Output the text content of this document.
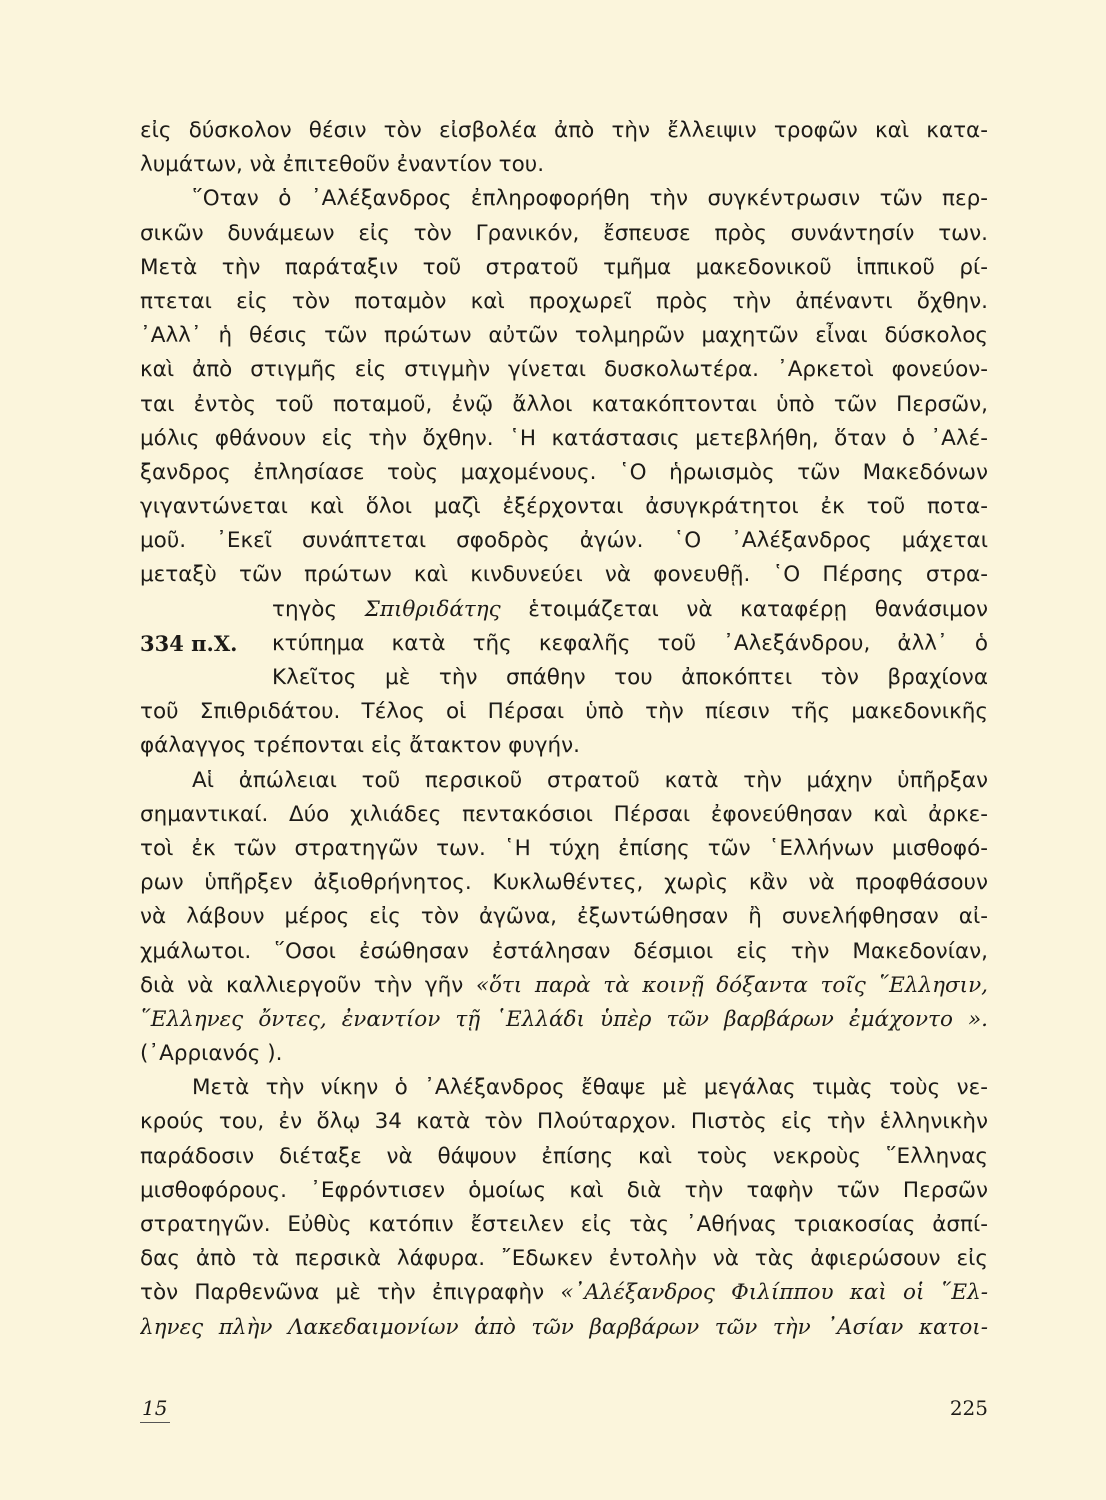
εἰς δύσκολον θέσιν τὸν εἰσβολέα ἀπὸ τὴν ἔλλειψιν τροφῶν καὶ κατα-
λυμάτων, νὰ ἐπιτεθοῦν ἐναντίον του.
῞Οταν ὁ ᾿Αλέξανδρος ἐπληροφορήθη τὴν συγκέντρωσιν τῶν περ-
σικῶν δυνάμεων εἰς τὸν Γρανικόν, ἔσπευσε πρὸς συνάντησίν των.
Μετὰ τὴν παράταξιν τοῦ στρατοῦ τμῆμα μακεδονικοῦ ἱππικοῦ ρί-
πτεται εἰς τὸν ποταμὸν καὶ προχωρεῖ πρὸς τὴν ἀπέναντι ὄχθην.
᾿Αλλ᾿ ἡ θέσις τῶν πρώτων αὐτῶν τολμηρῶν μαχητῶν εἶναι δύσκολος
καὶ ἀπὸ στιγμῆς εἰς στιγμὴν γίνεται δυσκολωτέρα. ᾿Αρκετοὶ φονεύον-
ται ἐντὸς τοῦ ποταμοῦ, ἐνῷ ἄλλοι κατακόπτονται ὑπὸ τῶν Περσῶν,
μόλις φθάνουν εἰς τὴν ὄχθην. ῾Η κατάστασις μετεβλήθη, ὅταν ὁ ᾿Αλέ-
ξανδρος ἐπλησίασε τοὺς μαχομένους. ῾Ο ἡρωισμὸς τῶν Μακεδόνων
γιγαντώνεται καὶ ὅλοι μαζὶ ἐξέρχονται ἀσυγκράτητοι ἐκ τοῦ ποτα-
μοῦ. ᾿Εκεῖ συνάπτεται σφοδρὸς ἀγών. ῾Ο ᾿Αλέξανδρος μάχεται
μεταξὺ τῶν πρώτων καὶ κινδυνεύει νὰ φονευθῇ. ῾Ο Πέρσης στρα-
τηγὸς Σπιθριδάτης ἑτοιμάζεται νὰ καταφέρῃ θανάσιμον
334 π.Χ.	κτύπημα κατὰ τῆς κεφαλῆς τοῦ ᾿Αλεξάνδρου, ἀλλ᾿ ὁ
Κλεῖτος μὲ τὴν σπάθην του ἀποκόπτει τὸν βραχίονα
τοῦ Σπιθριδάτου. Τέλος οἱ Πέρσαι ὑπὸ τὴν πίεσιν τῆς μακεδονικῆς
φάλαγγος τρέπονται εἰς ἄτακτον φυγήν.
Αἱ ἀπώλειαι τοῦ περσικοῦ στρατοῦ κατὰ τὴν μάχην ὑπῆρξαν
σημαντικαί. Δύο χιλιάδες πεντακόσιοι Πέρσαι ἐφονεύθησαν καὶ ἀρκε-
τοὶ ἐκ τῶν στρατηγῶν των. ῾Η τύχη ἐπίσης τῶν ῾Ελλήνων μισθοφό-
ρων ὑπῆρξεν ἀξιοθρήνητος. Κυκλωθέντες, χωρὶς κἂν νὰ προφθάσουν
νὰ λάβουν μέρος εἰς τὸν ἀγῶνα, ἐξωντώθησαν ἢ συνελήφθησαν αἰ-
χμάλωτοι. ῞Οσοι ἐσώθησαν ἐστάλησαν δέσμιοι εἰς τὴν Μακεδονίαν,
διὰ νὰ καλλιεργοῦν τὴν γῆν «ὅτι παρὰ τὰ κοινῇ δόξαντα τοῖς ῞Ελλησιν,
῞Ελληνες ὄντες, ἐναντίον τῇ ῾Ελλάδι ὑπὲρ τῶν βαρβάρων ἐμάχοντο ».
(᾿Αρριανός ).
Μετὰ τὴν νίκην ὁ ᾿Αλέξανδρος ἔθαψε μὲ μεγάλας τιμὰς τοὺς νε-
κρούς του, ἐν ὅλῳ 34 κατὰ τὸν Πλούταρχον. Πιστὸς εἰς τὴν ἑλληνικὴν
παράδοσιν διέταξε νὰ θάψουν ἐπίσης καὶ τοὺς νεκροὺς ῞Ελληνας
μισθοφόρους. ᾿Εφρόντισεν ὁμοίως καὶ διὰ τὴν ταφὴν τῶν Περσῶν
στρατηγῶν. Εὐθὺς κατόπιν ἔστειλεν εἰς τὰς ᾿Αθήνας τριακοσίας ἀσπί-
δας ἀπὸ τὰ περσικὰ λάφυρα. ῎Εδωκεν ἐντολὴν νὰ τὰς ἀφιερώσουν εἰς
τὸν Παρθενῶνα μὲ τὴν ἐπιγραφὴν «᾿Αλέξανδρος Φιλίππου καὶ οἱ ῞Ελ-
ληνες πλὴν Λακεδαιμονίων ἀπὸ τῶν βαρβάρων τῶν τὴν ᾿Ασίαν κατοι-
15	225
